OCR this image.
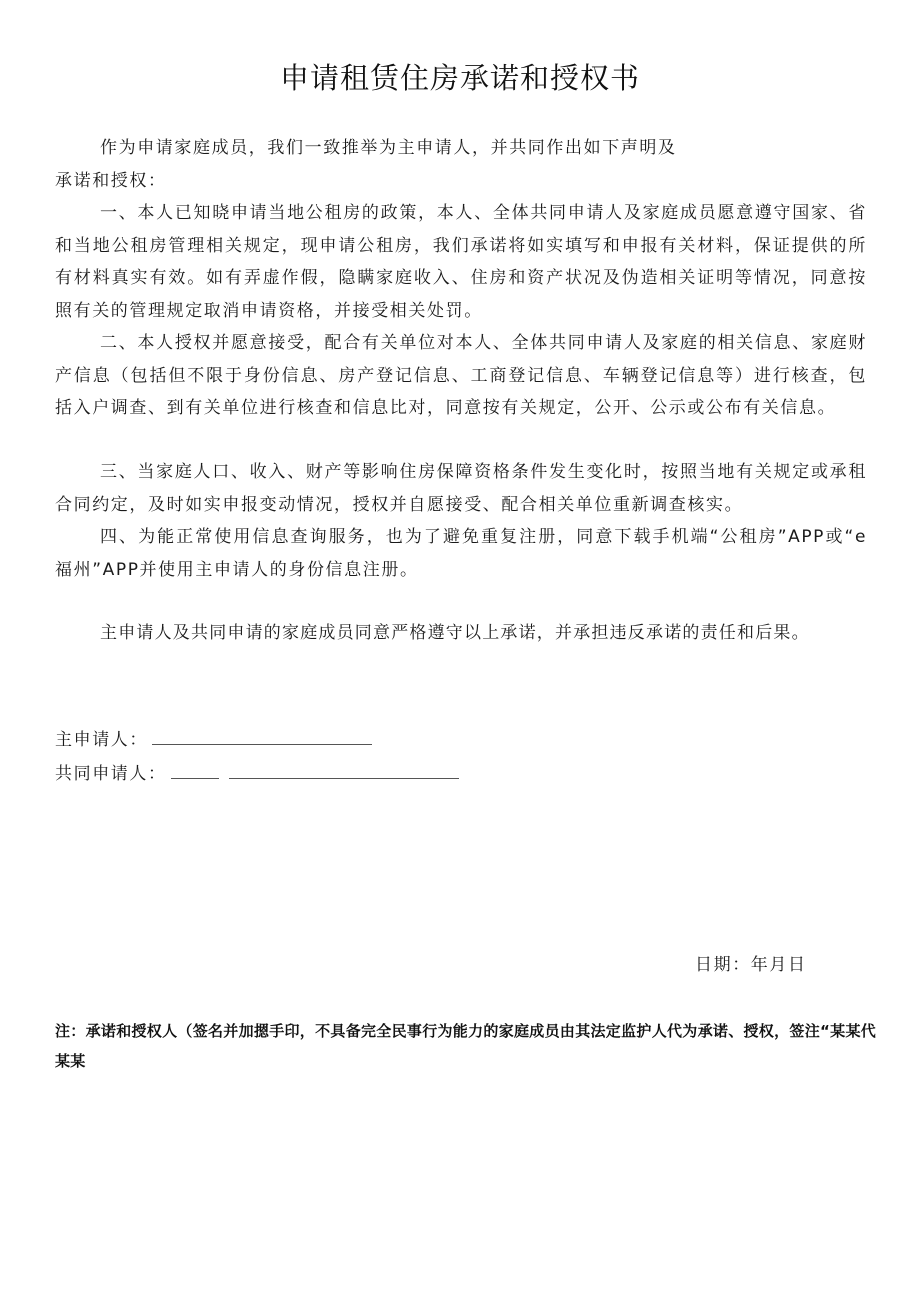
申请租赁住房承诺和授权书

作为申请家庭成员，我们一致推举为主申请人，并共同作出如下声明及
承诺和授权：

一、本人已知晓申请当地公租房的政策，本人、全体共同申请人及家庭成员愿意遵守国家、省和当地公租房管理相关规定，现申请公租房，我们承诺将如实填写和申报有关材料，保证提供的所有材料真实有效。如有弄虚作假，隐瞒家庭收入、住房和资产状况及伪造相关证明等情况，同意按照有关的管理规定取消申请资格，并接受相关处罚。

二、本人授权并愿意接受，配合有关单位对本人、全体共同申请人及家庭的相关信息、家庭财产信息（包括但不限于身份信息、房产登记信息、工商登记信息、车辆登记信息等）进行核查，包括入户调查、到有关单位进行核查和信息比对，同意按有关规定，公开、公示或公布有关信息。

三、当家庭人口、收入、财产等影响住房保障资格条件发生变化时，按照当地有关规定或承租合同约定，及时如实申报变动情况，授权并自愿接受、配合相关单位重新调查核实。

四、为能正常使用信息查询服务，也为了避免重复注册，同意下载手机端“公租房”APP或“e福州”APP并使用主申请人的身份信息注册。

主申请人及共同申请的家庭成员同意严格遵守以上承诺，并承担违反承诺的责任和后果。

主申请人：
共同申请人：
日期：年月日
注：承诺和授权人（签名并加摁手印，不具备完全民事行为能力的家庭成员由其法定监护人代为承诺、授权，签注“某某代某某
